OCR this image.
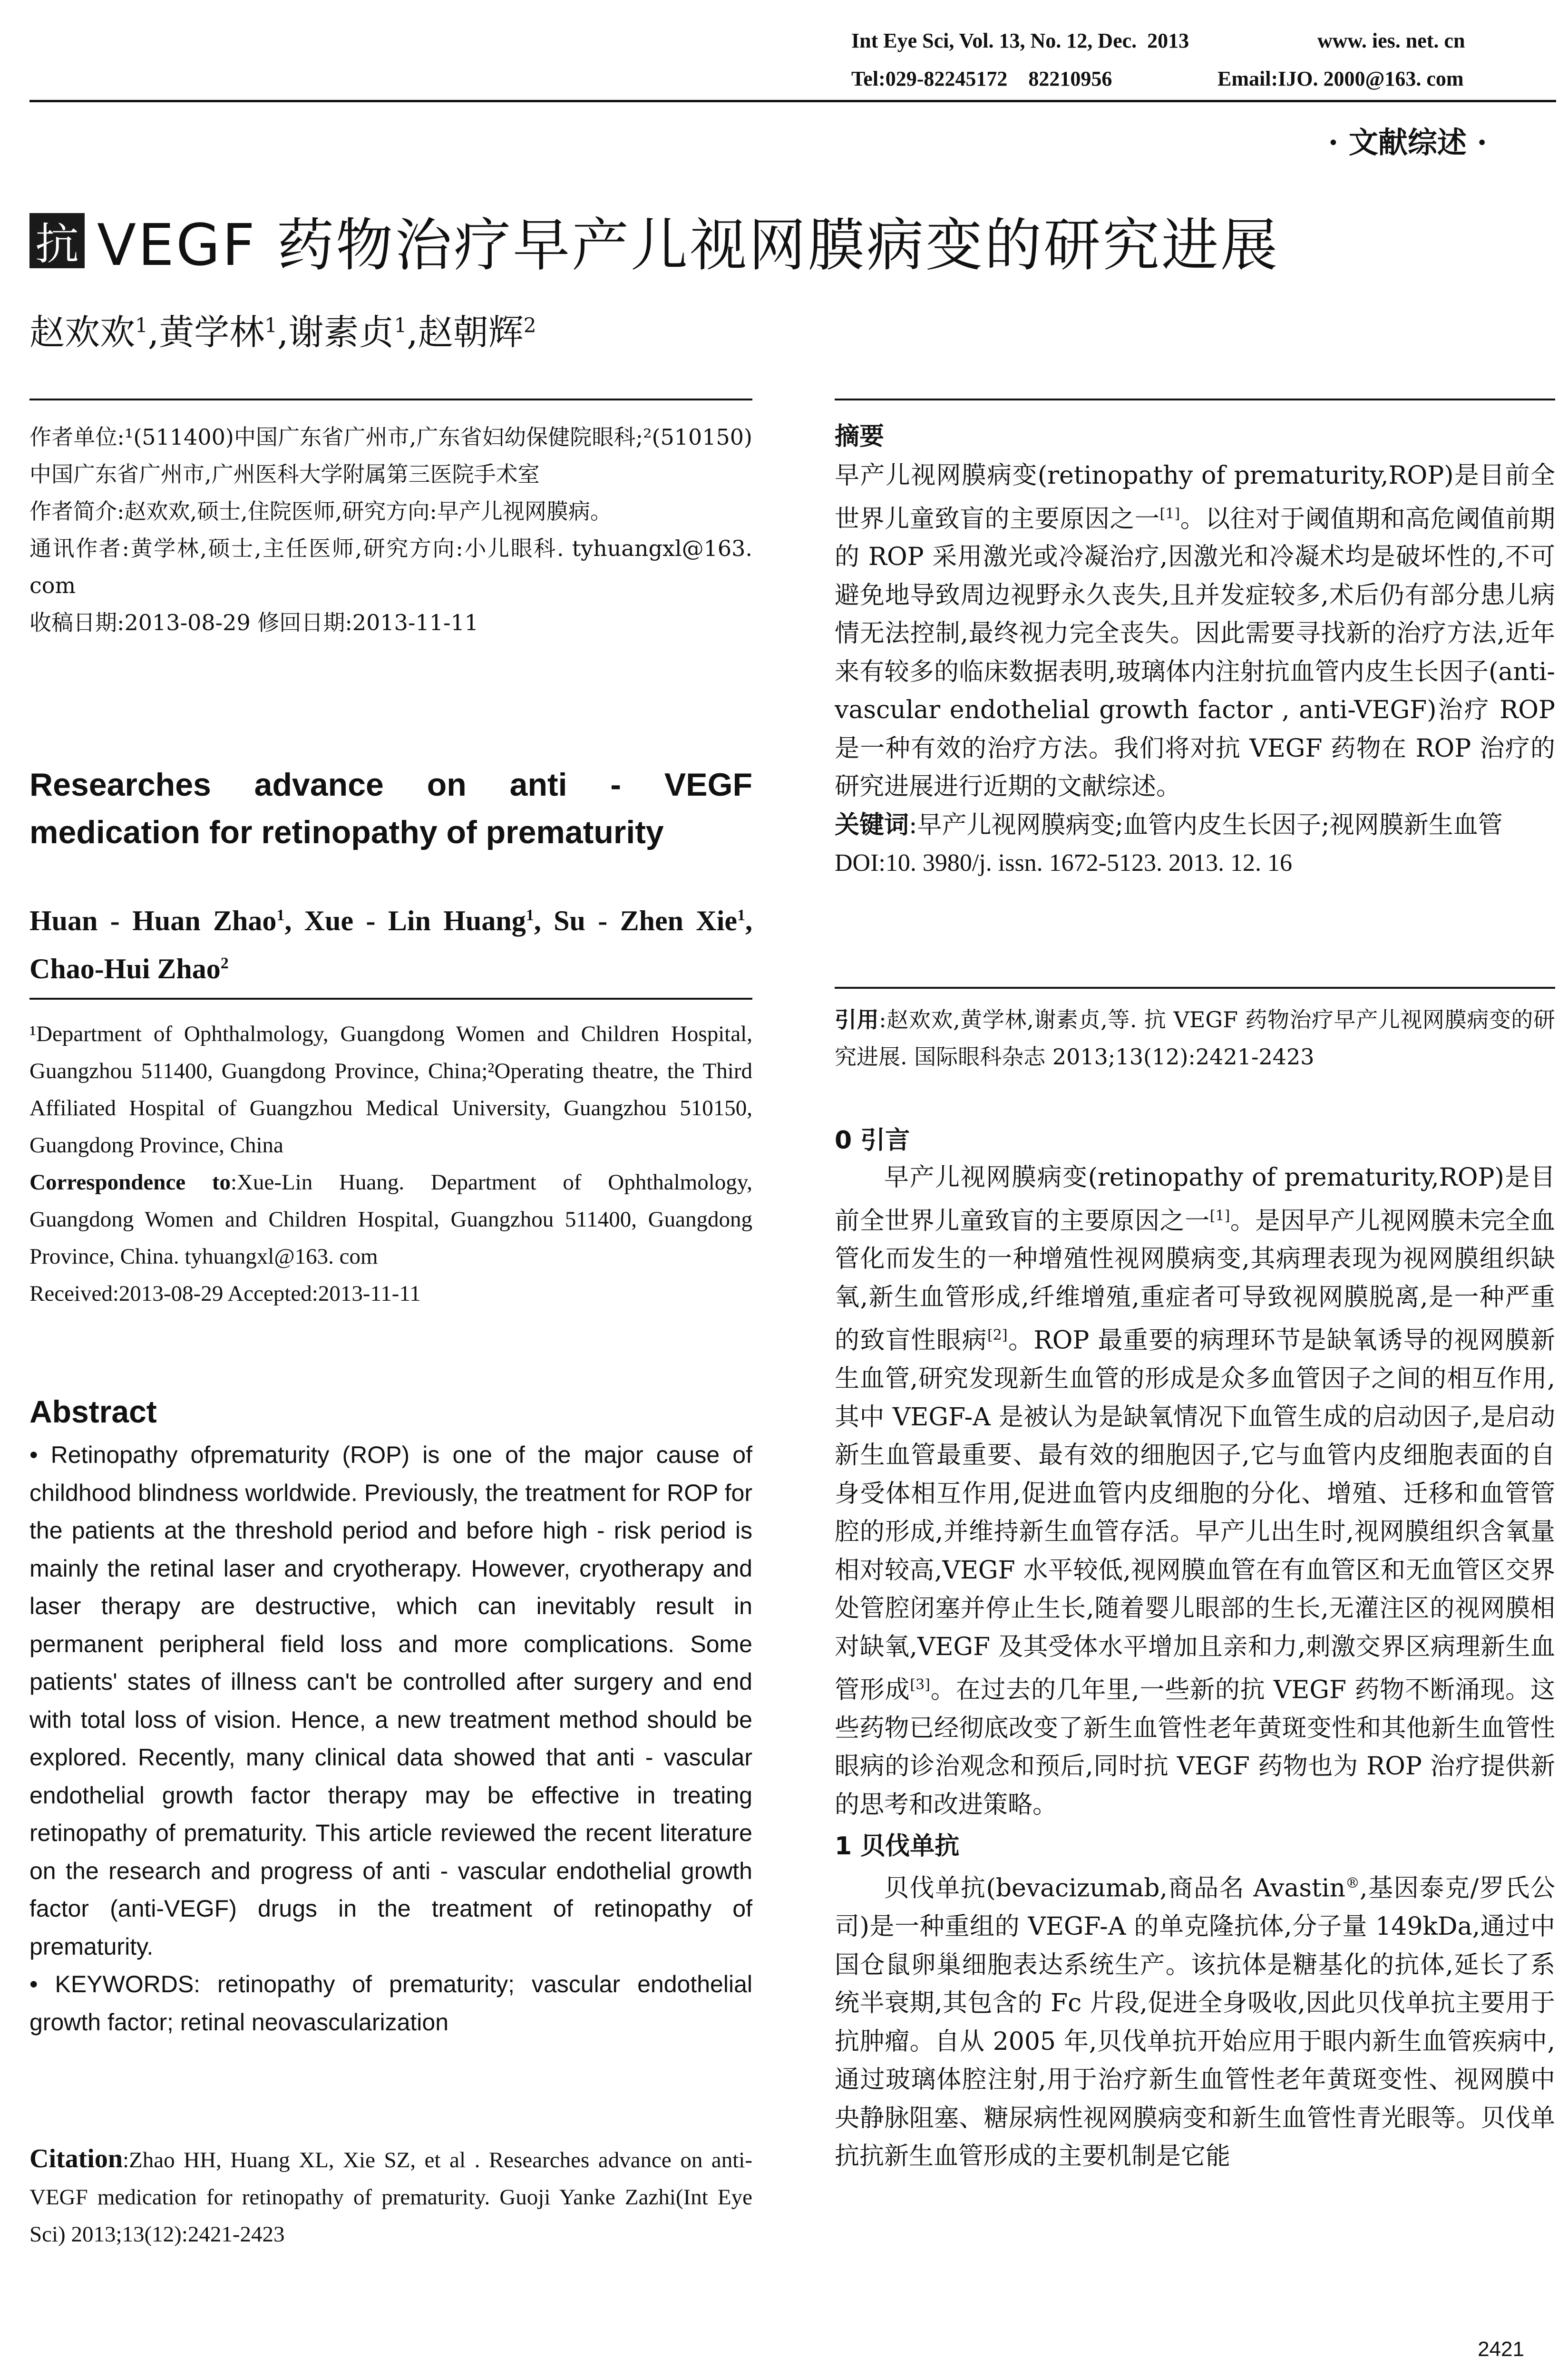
Int Eye Sci, Vol. 13, No. 12, Dec.  2013	www. ies. net. cn
Tel:029-82245172    82210956	Email:IJO. 2000@163. com
· 文献综述 ·
抗 VEGF 药物治疗早产儿视网膜病变的研究进展
赵欢欢$^1$,黄学林$^1$,谢素贞$^1$,赵朝辉$^2$

作者单位:¹(511400)中国广东省广州市,广东省妇幼保健院眼科;²(510150)中国广东省广州市,广州医科大学附属第三医院手术室

作者简介:赵欢欢,硕士,住院医师,研究方向:早产儿视网膜病。

通讯作者:黄学林,硕士,主任医师,研究方向:小儿眼科. tyhuangxl@163. com

收稿日期:2013-08-29 修回日期:2013-11-11

Researches advance on anti - VEGF medication for retinopathy of prematurity
Huan - Huan Zhao$^1$, Xue - Lin Huang$^1$, Su - Zhen Xie$^1$, Chao-Hui Zhao$^2$

¹Department of Ophthalmology, Guangdong Women and Children Hospital, Guangzhou 511400, Guangdong Province, China;²Operating theatre, the Third Affiliated Hospital of Guangzhou Medical University, Guangzhou 510150, Guangdong Province, China

Correspondence to:Xue-Lin Huang. Department of Ophthalmology, Guangdong Women and Children Hospital, Guangzhou 511400, Guangdong Province, China. tyhuangxl@163. com

Received:2013-08-29 Accepted:2013-11-11

Abstract

• Retinopathy ofprematurity (ROP) is one of the major cause of childhood blindness worldwide. Previously, the treatment for ROP for the patients at the threshold period and before high - risk period is mainly the retinal laser and cryotherapy. However, cryotherapy and laser therapy are destructive, which can inevitably result in permanent peripheral field loss and more complications. Some patients' states of illness can't be controlled after surgery and end with total loss of vision. Hence, a new treatment method should be explored. Recently, many clinical data showed that anti - vascular endothelial growth factor therapy may be effective in treating retinopathy of prematurity. This article reviewed the recent literature on the research and progress of anti - vascular endothelial growth factor (anti-VEGF) drugs in the treatment of retinopathy of prematurity.

• KEYWORDS: retinopathy of prematurity; vascular endothelial growth factor; retinal neovascularization

Citation:Zhao HH, Huang XL, Xie SZ, et al . Researches advance on anti-VEGF medication for retinopathy of prematurity. Guoji Yanke Zazhi(Int Eye Sci) 2013;13(12):2421-2423

摘要

早产儿视网膜病变(retinopathy of prematurity,ROP)是目前全世界儿童致盲的主要原因之一[1]。以往对于阈值期和高危阈值前期的 ROP 采用激光或冷凝治疗,因激光和冷凝术均是破坏性的,不可避免地导致周边视野永久丧失,且并发症较多,术后仍有部分患儿病情无法控制,最终视力完全丧失。因此需要寻找新的治疗方法,近年来有较多的临床数据表明,玻璃体内注射抗血管内皮生长因子(anti-vascular endothelial growth factor , anti-VEGF)治疗 ROP 是一种有效的治疗方法。我们将对抗 VEGF 药物在 ROP 治疗的研究进展进行近期的文献综述。

关键词:早产儿视网膜病变;血管内皮生长因子;视网膜新生血管

DOI:10. 3980/j. issn. 1672-5123. 2013. 12. 16

引用:赵欢欢,黄学林,谢素贞,等. 抗 VEGF 药物治疗早产儿视网膜病变的研究进展. 国际眼科杂志 2013;13(12):2421-2423

0 引言

早产儿视网膜病变(retinopathy of prematurity,ROP)是目前全世界儿童致盲的主要原因之一[1]。是因早产儿视网膜未完全血管化而发生的一种增殖性视网膜病变,其病理表现为视网膜组织缺氧,新生血管形成,纤维增殖,重症者可导致视网膜脱离,是一种严重的致盲性眼病[2]。ROP 最重要的病理环节是缺氧诱导的视网膜新生血管,研究发现新生血管的形成是众多血管因子之间的相互作用,其中 VEGF-A 是被认为是缺氧情况下血管生成的启动因子,是启动新生血管最重要、最有效的细胞因子,它与血管内皮细胞表面的自身受体相互作用,促进血管内皮细胞的分化、增殖、迁移和血管管腔的形成,并维持新生血管存活。早产儿出生时,视网膜组织含氧量相对较高,VEGF 水平较低,视网膜血管在有血管区和无血管区交界处管腔闭塞并停止生长,随着婴儿眼部的生长,无灌注区的视网膜相对缺氧,VEGF 及其受体水平增加且亲和力,刺激交界区病理新生血管形成[3]。在过去的几年里,一些新的抗 VEGF 药物不断涌现。这些药物已经彻底改变了新生血管性老年黄斑变性和其他新生血管性眼病的诊治观念和预后,同时抗 VEGF 药物也为 ROP 治疗提供新的思考和改进策略。

1 贝伐单抗

贝伐单抗(bevacizumab,商品名 Avastin®,基因泰克/罗氏公司)是一种重组的 VEGF-A 的单克隆抗体,分子量 149kDa,通过中国仓鼠卵巢细胞表达系统生产。该抗体是糖基化的抗体,延长了系统半衰期,其包含的 Fc 片段,促进全身吸收,因此贝伐单抗主要用于抗肿瘤。自从 2005 年,贝伐单抗开始应用于眼内新生血管疾病中,通过玻璃体腔注射,用于治疗新生血管性老年黄斑变性、视网膜中央静脉阻塞、糖尿病性视网膜病变和新生血管性青光眼等。贝伐单抗抗新生血管形成的主要机制是它能

2421
